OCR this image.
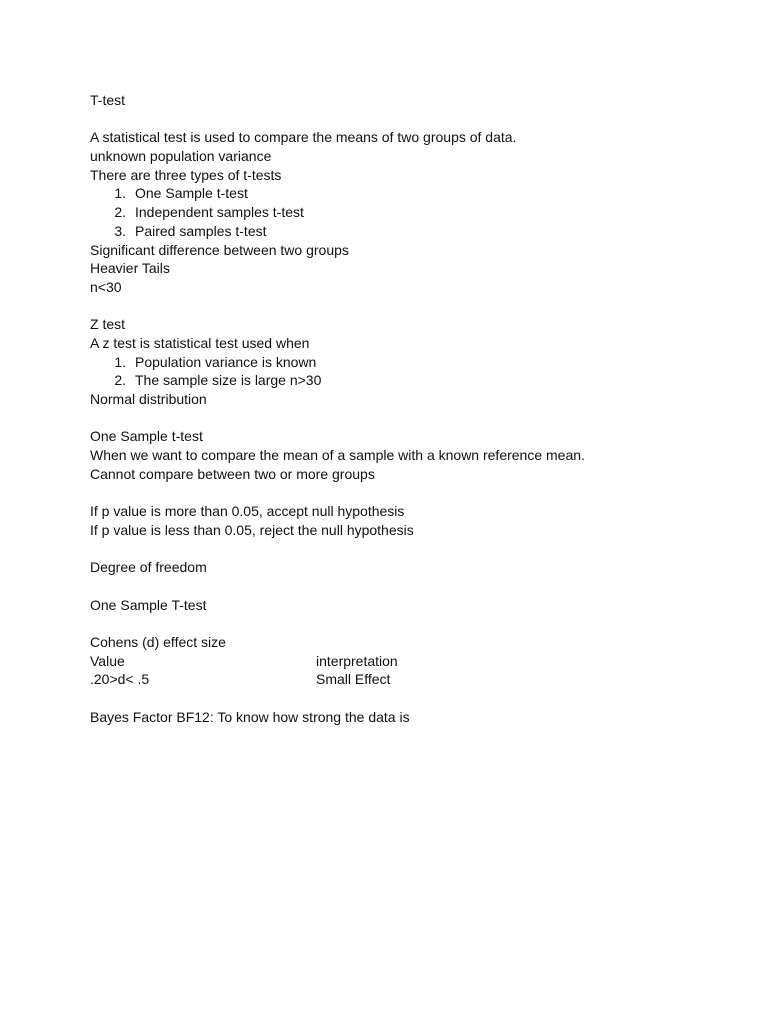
T-test
A statistical test is used to compare the means of two groups of data.
unknown population variance
There are three types of t-tests
1. One Sample t-test
2. Independent samples t-test
3. Paired samples t-test
Significant difference between two groups
Heavier Tails
n<30
Z test
A z test is statistical test used when
1. Population variance is known
2. The sample size is large n>30
Normal distribution
One Sample t-test
When we want to compare the mean of a sample with a known reference mean.
Cannot compare between two or more groups
If p value is more than 0.05, accept null hypothesis
If p value is less than 0.05, reject the null hypothesis
Degree of freedom
One Sample T-test
Cohens (d) effect size
Value	interpretation
.20>d< .5	Small Effect
Bayes Factor BF12: To know how strong the data is
